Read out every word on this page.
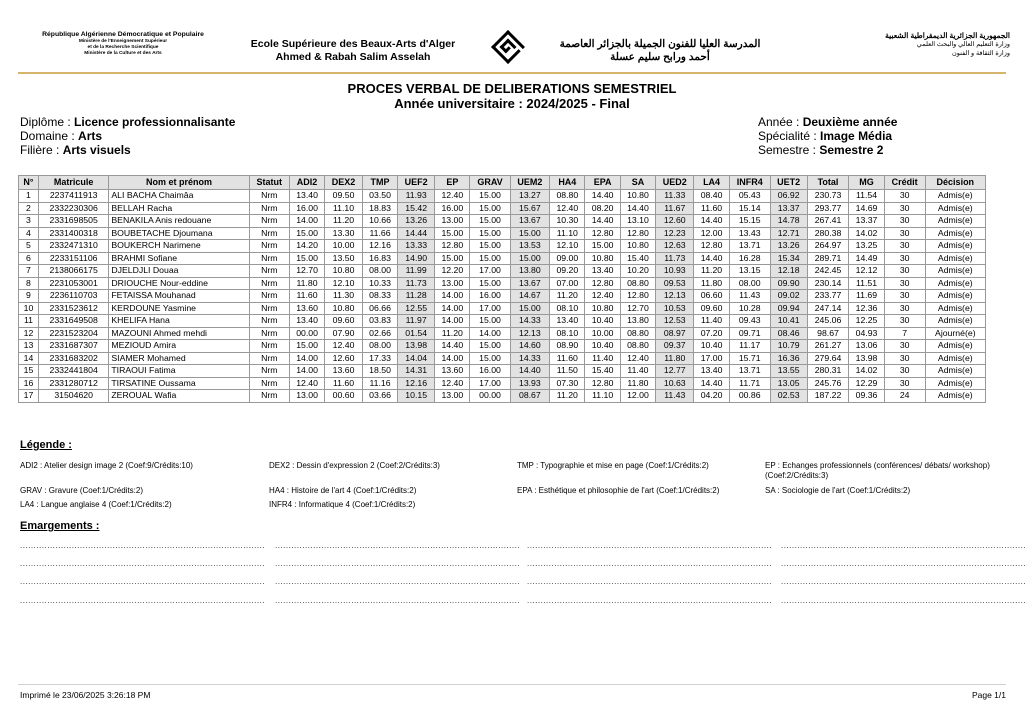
République Algérienne Démocratique et Populaire
Ministère de l'Enseignement Supérieur
et de la Recherche Scientifique
Ministère de la Culture et des Arts
Ecole Supérieure des Beaux-Arts d'Alger
Ahmed & Rabah Salim Asselah
المدرسة العليا للفنون الجميلة بالجزائر العاصمة
أحمد ورابح سليم عسلة
الجمهورية الجزائرية الديمقراطية الشعبية
وزارة التعليم العالي والبحث العلمي
وزارة الثقافة و الفنون
PROCES VERBAL DE DELIBERATIONS SEMESTRIEL
Année universitaire : 2024/2025 - Final
Diplôme : Licence professionnalisante
Domaine : Arts
Filière : Arts visuels
Année : Deuxième année
Spécialité : Image Média
Semestre : Semestre 2
N°	Matricule	Nom et prénom	Statut	ADI2	DEX2	TMP	UEF2	EP	GRAV	UEM2	HA4	EPA	SA	UED2	LA4	INFR4	UET2	Total	MG	Crédit	Décision
1	2237411913	ALI BACHA Chaimâa	Nrm	13.40	09.50	03.50	11.93	12.40	15.00	13.27	08.80	14.40	10.80	11.33	08.40	05.43	06.92	230.73	11.54	30	Admis(e)
2	2332230306	BELLAH Racha	Nrm	16.00	11.10	18.83	15.42	16.00	15.00	15.67	12.40	08.20	14.40	11.67	11.60	15.14	13.37	293.77	14.69	30	Admis(e)
3	2331698505	BENAKILA Anis redouane	Nrm	14.00	11.20	10.66	13.26	13.00	15.00	13.67	10.30	14.40	13.10	12.60	14.40	15.15	14.78	267.41	13.37	30	Admis(e)
4	2331400318	BOUBETACHE Djoumana	Nrm	15.00	13.30	11.66	14.44	15.00	15.00	15.00	11.10	12.80	12.80	12.23	12.00	13.43	12.71	280.38	14.02	30	Admis(e)
5	2332471310	BOUKERCH Narimene	Nrm	14.20	10.00	12.16	13.33	12.80	15.00	13.53	12.10	15.00	10.80	12.63	12.80	13.71	13.26	264.97	13.25	30	Admis(e)
6	2233151106	BRAHMI Sofiane	Nrm	15.00	13.50	16.83	14.90	15.00	15.00	15.00	09.00	10.80	15.40	11.73	14.40	16.28	15.34	289.71	14.49	30	Admis(e)
7	2138066175	DJELDJLI Douaa	Nrm	12.70	10.80	08.00	11.99	12.20	17.00	13.80	09.20	13.40	10.20	10.93	11.20	13.15	12.18	242.45	12.12	30	Admis(e)
8	2231053001	DRIOUCHE Nour-eddine	Nrm	11.80	12.10	10.33	11.73	13.00	15.00	13.67	07.00	12.80	08.80	09.53	11.80	08.00	09.90	230.14	11.51	30	Admis(e)
9	2236110703	FETAISSA Mouhanad	Nrm	11.60	11.30	08.33	11.28	14.00	16.00	14.67	11.20	12.40	12.80	12.13	06.60	11.43	09.02	233.77	11.69	30	Admis(e)
10	2331523612	KERDOUNE Yasmine	Nrm	13.60	10.80	06.66	12.55	14.00	17.00	15.00	08.10	10.80	12.70	10.53	09.60	10.28	09.94	247.14	12.36	30	Admis(e)
11	2331649508	KHELIFA Hana	Nrm	13.40	09.60	03.83	11.97	14.00	15.00	14.33	13.40	10.40	13.80	12.53	11.40	09.43	10.41	245.06	12.25	30	Admis(e)
12	2231523204	MAZOUNI Ahmed mehdi	Nrm	00.00	07.90	02.66	01.54	11.20	14.00	12.13	08.10	10.00	08.80	08.97	07.20	09.71	08.46	98.67	04.93	7	Ajourné(e)
13	2331687307	MEZIOUD Amira	Nrm	15.00	12.40	08.00	13.98	14.40	15.00	14.60	08.90	10.40	08.80	09.37	10.40	11.17	10.79	261.27	13.06	30	Admis(e)
14	2331683202	SIAMER Mohamed	Nrm	14.00	12.60	17.33	14.04	14.00	15.00	14.33	11.60	11.40	12.40	11.80	17.00	15.71	16.36	279.64	13.98	30	Admis(e)
15	2332441804	TIRAOUI Fatima	Nrm	14.00	13.60	18.50	14.31	13.60	16.00	14.40	11.50	15.40	11.40	12.77	13.40	13.71	13.55	280.31	14.02	30	Admis(e)
16	2331280712	TIRSATINE Oussama	Nrm	12.40	11.60	11.16	12.16	12.40	17.00	13.93	07.30	12.80	11.80	10.63	14.40	11.71	13.05	245.76	12.29	30	Admis(e)
17	31504620	ZEROUAL Wafia	Nrm	13.00	00.60	03.66	10.15	13.00	00.00	08.67	11.20	11.10	12.00	11.43	04.20	00.86	02.53	187.22	09.36	24	Admis(e)
Légende :
ADI2 : Atelier design image 2 (Coef:9/Crédits:10)	DEX2 : Dessin d'expression 2 (Coef:2/Crédits:3)	TMP : Typographie et mise en page (Coef:1/Crédits:2)	EP : Echanges professionnels (conférences/ débats/ workshop) (Coef:2/Crédits:3)
GRAV : Gravure (Coef:1/Crédits:2)	HA4 : Histoire de l'art 4 (Coef:1/Crédits:2)	EPA : Esthétique et philosophie de l'art (Coef:1/Crédits:2)	SA : Sociologie de l'art (Coef:1/Crédits:2)
LA4 : Langue anglaise 4 (Coef:1/Crédits:2)	INFR4 : Informatique 4 (Coef:1/Crédits:2)
Emargements :
.......................................................................................... .......................................................................................... .......................................................................................... ..........................................................................................
.......................................................................................... .......................................................................................... .......................................................................................... ..........................................................................................
.......................................................................................... .......................................................................................... .......................................................................................... ..........................................................................................
.......................................................................................... .......................................................................................... .......................................................................................... ..........................................................................................
Imprimé le 23/06/2025 3:26:18 PM	Page 1/1
